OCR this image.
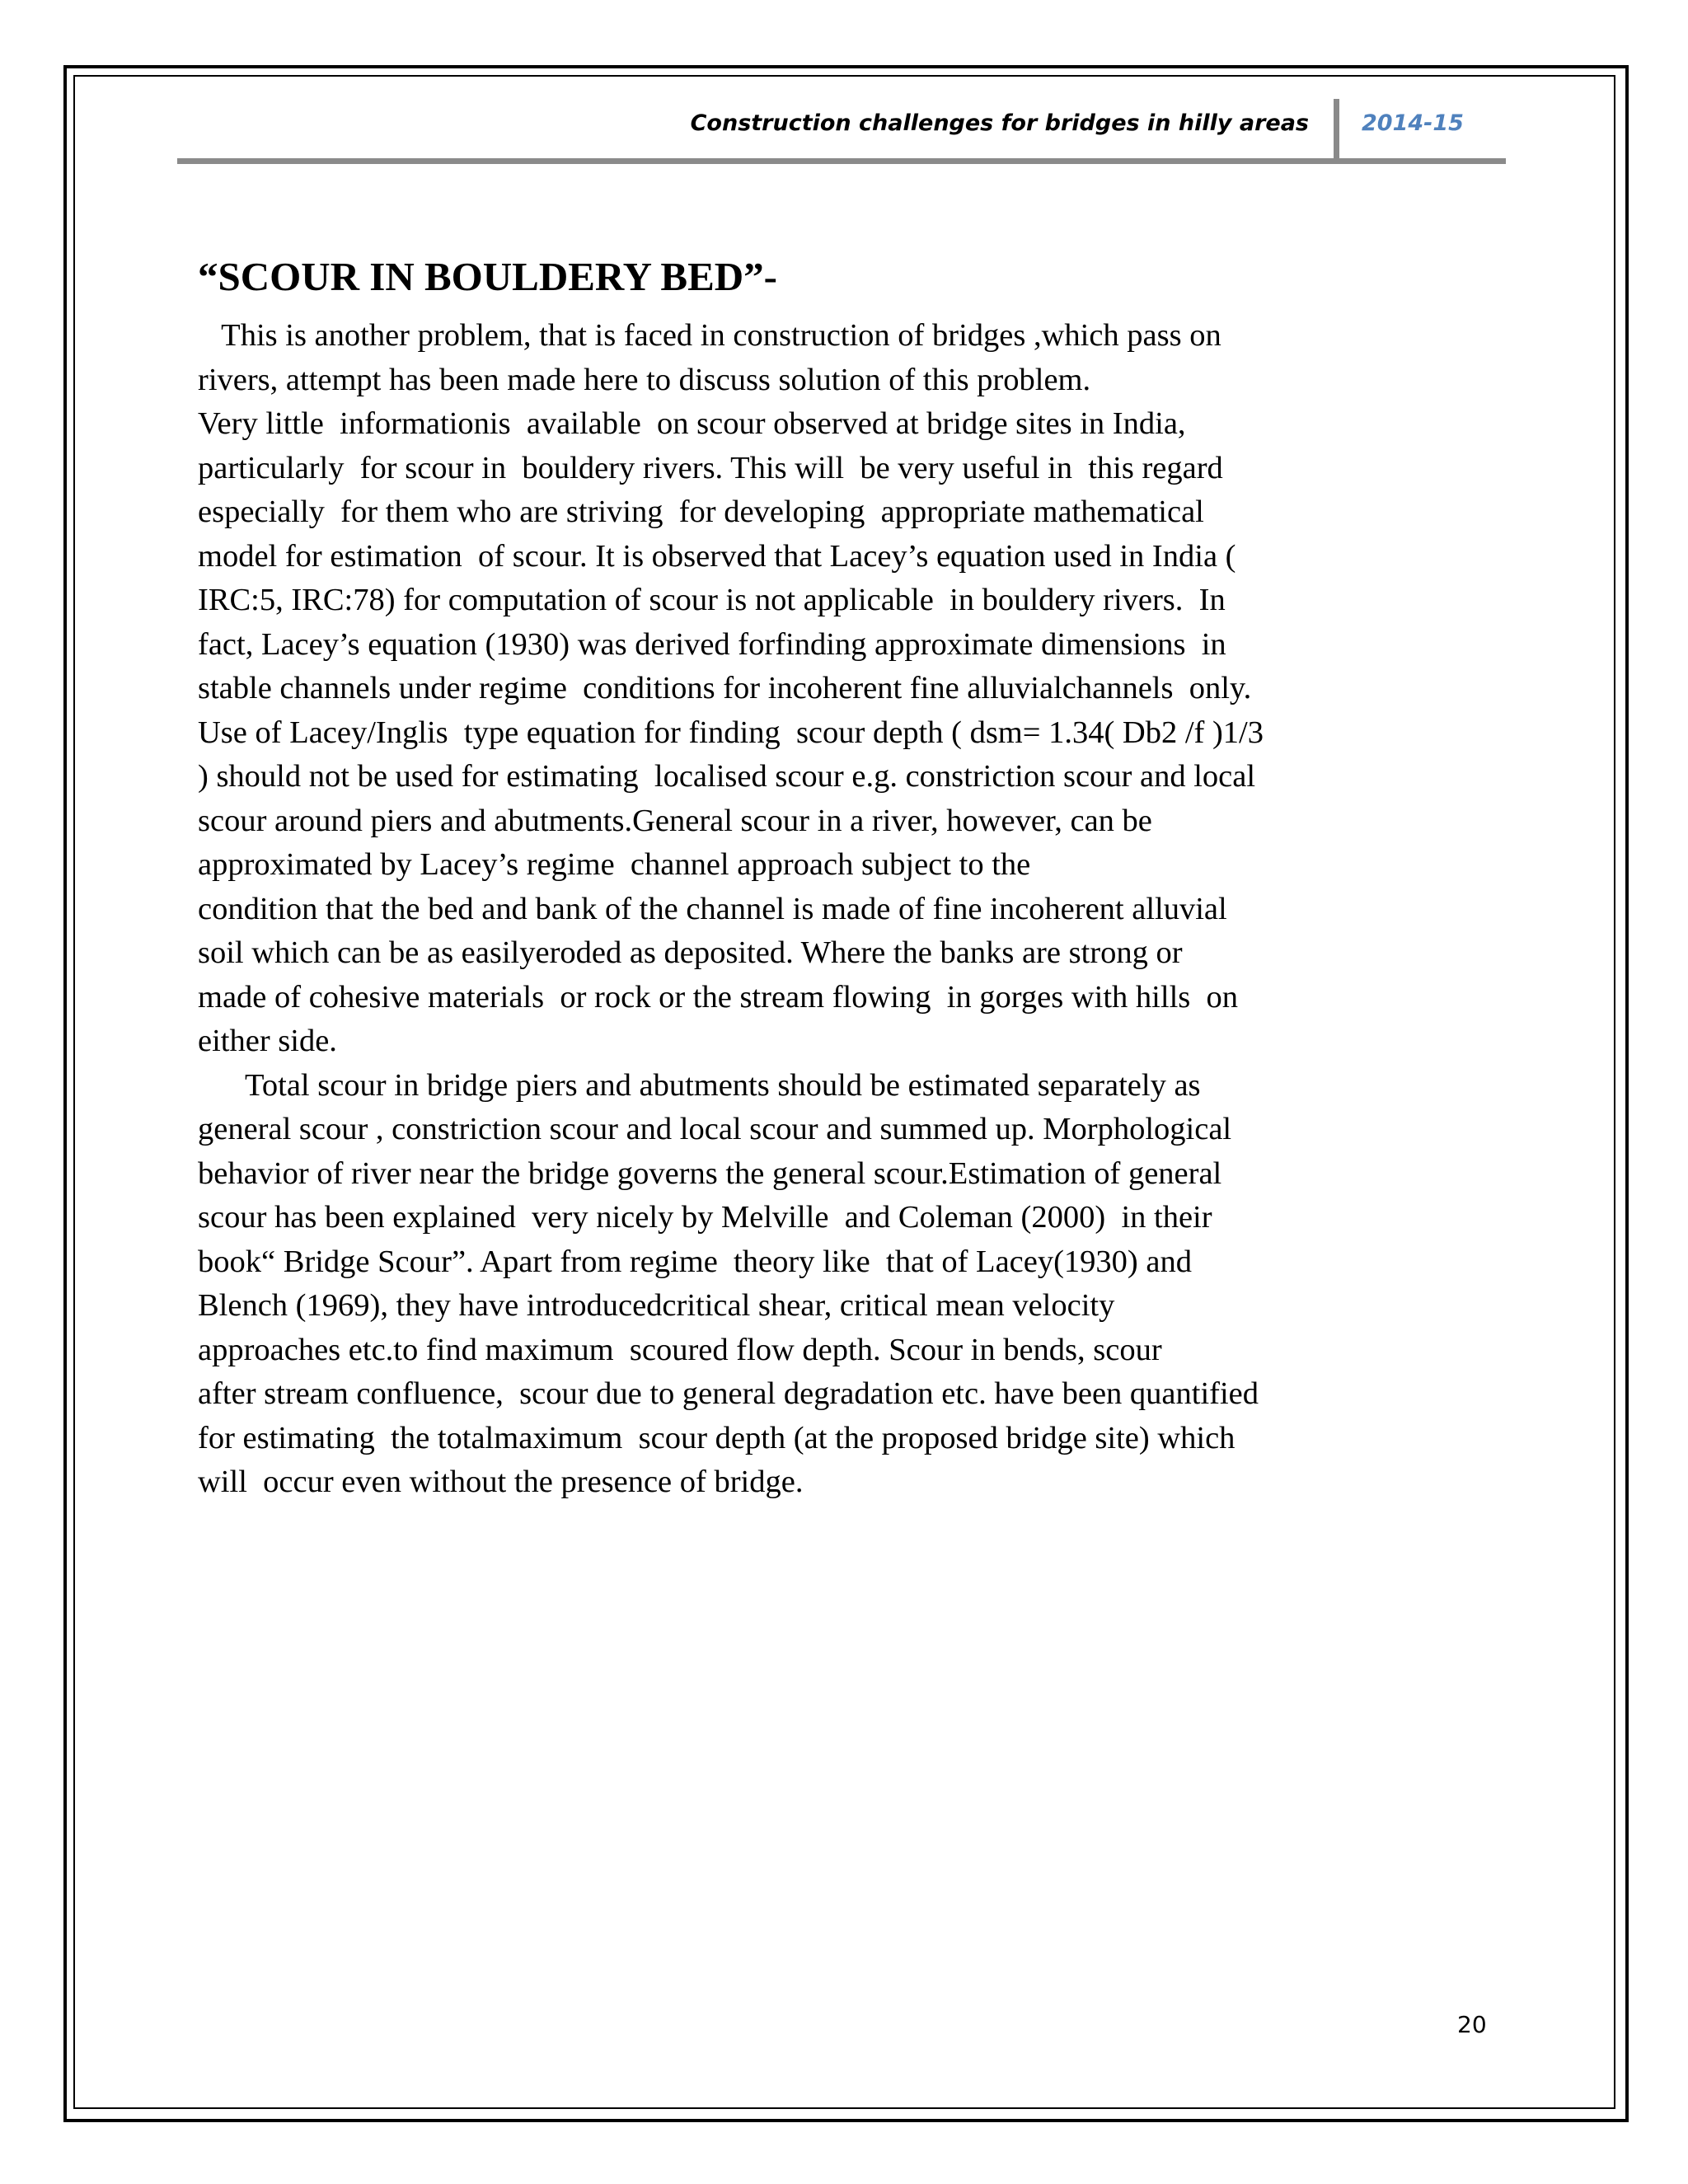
Construction challenges for bridges in hilly areas 2014-15
“SCOUR IN BOULDERY BED”-
This is another problem, that is faced in construction of bridges ,which pass on
rivers, attempt has been made here to discuss solution of this problem.
Very little  informationis  available  on scour observed at bridge sites in India,
particularly  for scour in  bouldery rivers. This will  be very useful in  this regard
especially  for them who are striving  for developing  appropriate mathematical
model for estimation  of scour. It is observed that Lacey’s equation used in India (
IRC:5, IRC:78) for computation of scour is not applicable  in bouldery rivers.  In
fact, Lacey’s equation (1930) was derived forfinding approximate dimensions  in
stable channels under regime  conditions for incoherent fine alluvialchannels  only.
Use of Lacey/Inglis  type equation for finding  scour depth ( dsm= 1.34( Db2 /f )1/3
) should not be used for estimating  localised scour e.g. constriction scour and local
scour around piers and abutments.General scour in a river, however, can be
approximated by Lacey’s regime  channel approach subject to the
condition that the bed and bank of the channel is made of fine incoherent alluvial
soil which can be as easilyeroded as deposited. Where the banks are strong or
made of cohesive materials  or rock or the stream flowing  in gorges with hills  on
either side.
Total scour in bridge piers and abutments should be estimated separately as
general scour , constriction scour and local scour and summed up. Morphological
behavior of river near the bridge governs the general scour.Estimation of general
scour has been explained  very nicely by Melville  and Coleman (2000)  in their
book“ Bridge Scour”. Apart from regime  theory like  that of Lacey(1930) and
Blench (1969), they have introducedcritical shear, critical mean velocity
approaches etc.to find maximum  scoured flow depth. Scour in bends, scour
after stream confluence,  scour due to general degradation etc. have been quantified
for estimating  the totalmaximum  scour depth (at the proposed bridge site) which
will  occur even without the presence of bridge.
20
